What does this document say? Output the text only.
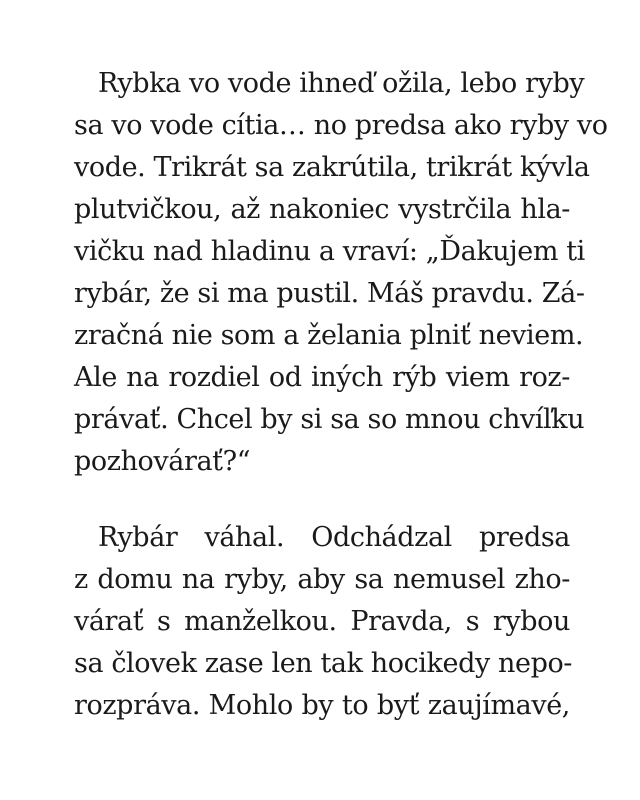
Rybka vo vode ihneď ožila, lebo ryby
sa vo vode cítia… no predsa ako ryby vo
vode. Trikrát sa zakrútila, trikrát kývla
plutvičkou, až nakoniec vystrčila hla-
vičku nad hladinu a vraví: „Ďakujem ti
rybár, že si ma pustil. Máš pravdu. Zá-
zračná nie som a želania plniť neviem.
Ale na rozdiel od iných rýb viem roz-
právať. Chcel by si sa so mnou chvíľku
pozhovárať?“
Rybár váhal. Odchádzal predsa
z domu na ryby, aby sa nemusel zho-
várať s manželkou. Pravda, s rybou
sa človek zase len tak hocikedy nepo-
rozpráva. Mohlo by to byť zaujímavé,
